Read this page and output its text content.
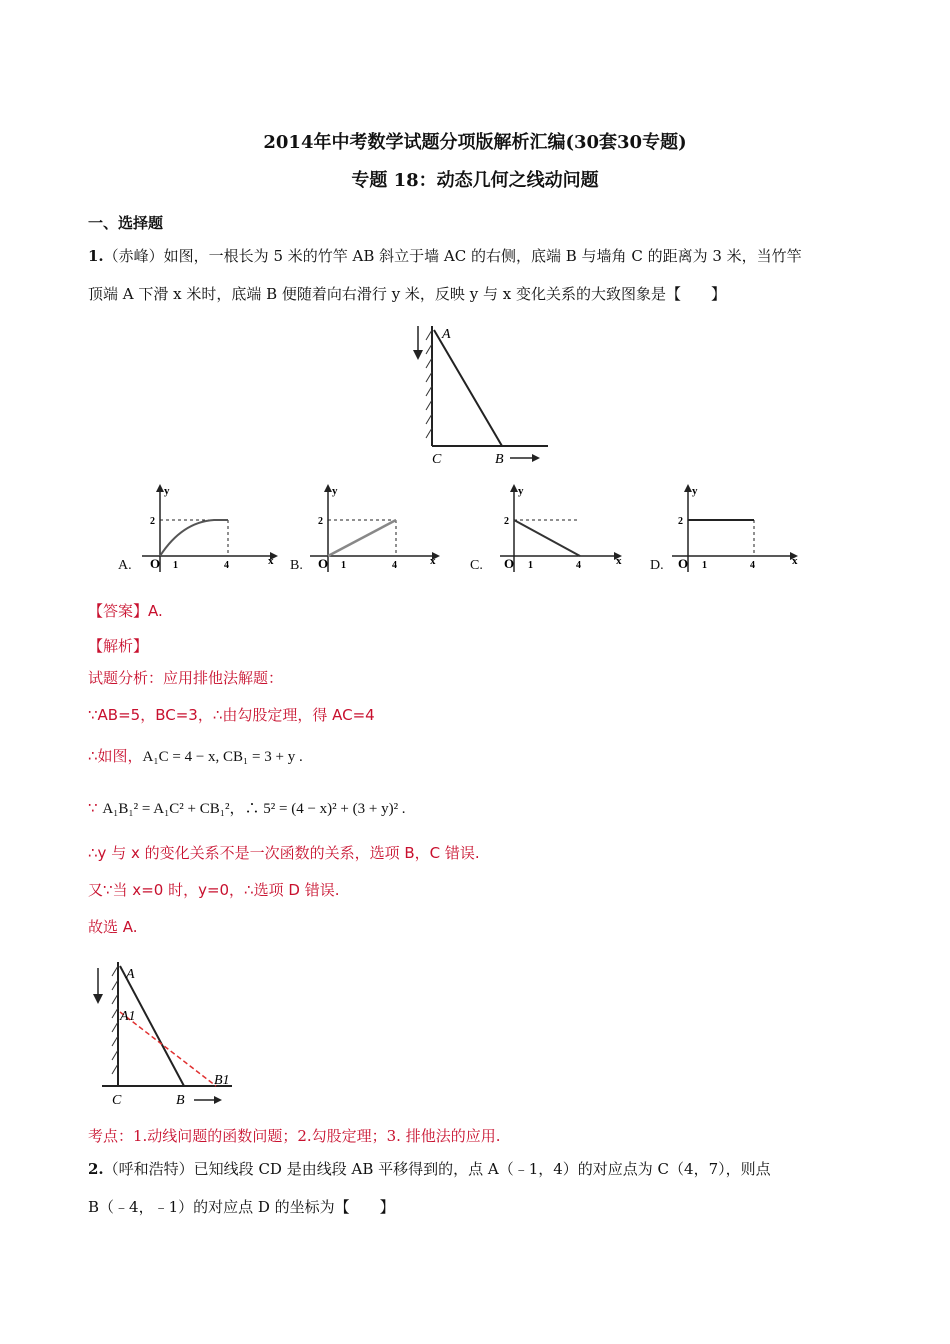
2014年中考数学试题分项版解析汇编(30套30专题)
专题 18：动态几何之线动问题
一、选择题
1.（赤峰）如图，一根长为 5 米的竹竿 AB 斜立于墙 AC 的右侧，底端 B 与墙角 C 的距离为 3 米，当竹竿
顶端 A 下滑 x 米时，底端 B 便随着向右滑行 y 米，反映 y 与 x 变化关系的大致图象是【　　】
A
C	B
y
x
O 1	4
2
A.
y
x
O 1	4
2
B.
y
x
O 1	4
2
C.
y
x
O 1	4
2
D.
【答案】A.
【解析】
试题分析：应用排他法解题：
∵AB=5，BC=3，∴由勾股定理，得 AC=4
∴如图，A₁C = 4 − x, CB₁ = 3 + y .
∵ A₁B₁² = A₁C² + CB₁²，∴ 5² = (4 − x)² + (3 + y)² .
∴y 与 x 的变化关系不是一次函数的关系，选项 B，C 错误.
又∵当 x=0 时，y=0，∴选项 D 错误.
故选 A.
A
A1
C	B
B1
考点：1.动线问题的函数问题；2.勾股定理；3. 排他法的应用.
2.（呼和浩特）已知线段 CD 是由线段 AB 平移得到的，点 A（﹣1，4）的对应点为 C（4，7），则点
B（﹣4，﹣1）的对应点 D 的坐标为【　　】
